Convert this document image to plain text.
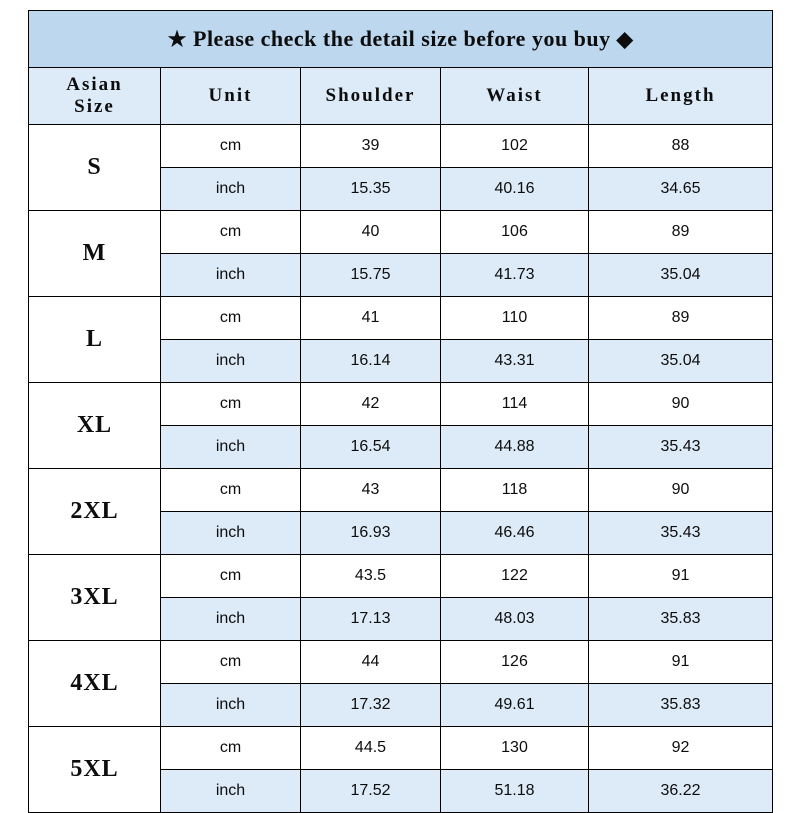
★ Please check the detail size before you buy ◆				

Asian
Size	Unit	Shoulder	Waist	Length
S	cm	39	102	88
	inch	15.35	40.16	34.65
M	cm	40	106	89
	inch	15.75	41.73	35.04
L	cm	41	110	89
	inch	16.14	43.31	35.04
XL	cm	42	114	90
	inch	16.54	44.88	35.43
2XL	cm	43	118	90
	inch	16.93	46.46	35.43
3XL	cm	43.5	122	91
	inch	17.13	48.03	35.83
4XL	cm	44	126	91
	inch	17.32	49.61	35.83
5XL	cm	44.5	130	92
	inch	17.52	51.18	36.22
